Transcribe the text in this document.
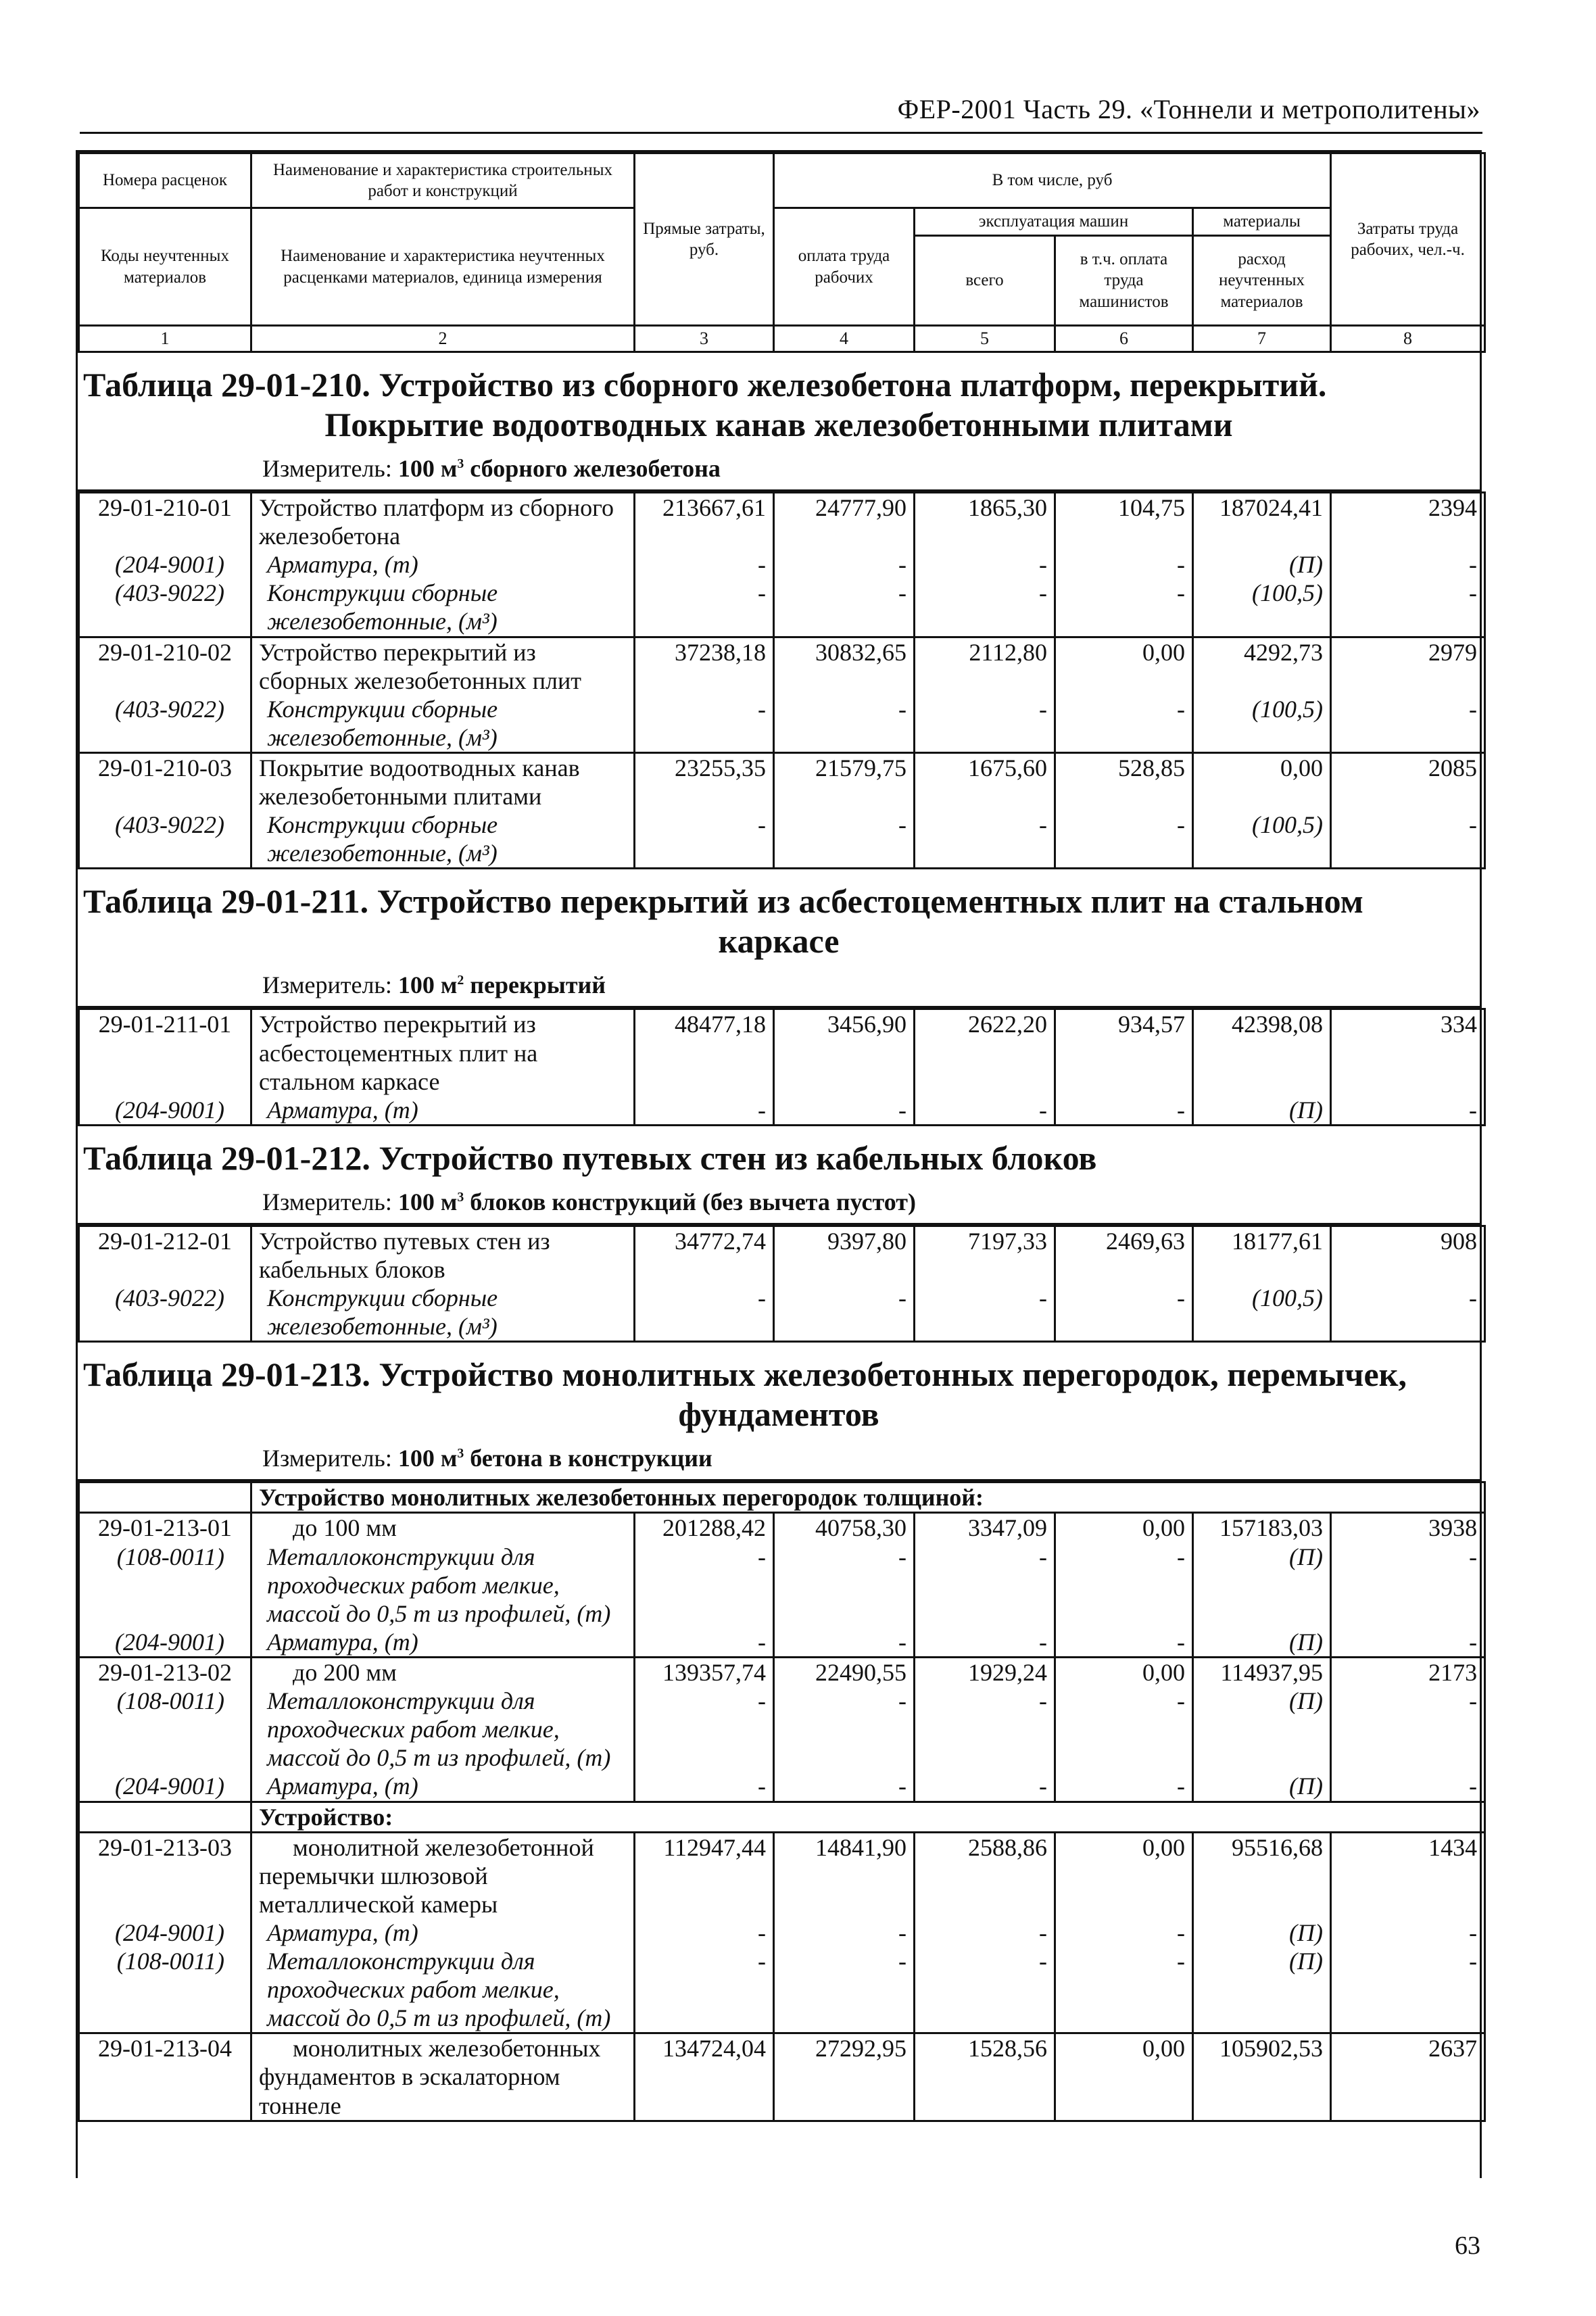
ФЕР-2001 Часть 29. «Тоннели и метрополитены»
Номера расценок	Наименование и характеристика строительных работ и конструкций	Прямые затраты, руб.	В том числе, руб				Затраты труда рабочих, чел.-ч.
Коды неучтенных материалов	Наименование и характеристика неучтенных расценками материалов, единица измерения		оплата труда рабочих	эксплуатация машин		материалы	
				всего	в т.ч. оплата труда машинистов	расход неучтенных материалов	
1	2	3	4	5	6	7	8
Таблица 29-01-210. Устройство из сборного железобетона платформ, перекрытий.
Покрытие водоотводных канав железобетонными плитами
Измеритель: 100 $м^3$ сборного железобетона
29-01-210-01	Устройство платформ из сборного	213667,61	24777,90	1865,30	104,75	187024,41	2394
	железобетона						
(204-9001)	Арматура, (т)	-	-	-	-	(П)	-
(403-9022)	Конструкции сборные	-	-	-	-	(100,5)	-
	железобетонные, (м³)						
29-01-210-02	Устройство перекрытий из	37238,18	30832,65	2112,80	0,00	4292,73	2979
	сборных железобетонных плит						
(403-9022)	Конструкции сборные	-	-	-	-	(100,5)	-
	железобетонные, (м³)						
29-01-210-03	Покрытие водоотводных канав	23255,35	21579,75	1675,60	528,85	0,00	2085
	железобетонными плитами						
(403-9022)	Конструкции сборные	-	-	-	-	(100,5)	-
	железобетонные, (м³)						
Таблица 29-01-211. Устройство перекрытий из асбестоцементных плит на стальном
каркасе
Измеритель: 100 $м^2$ перекрытий
29-01-211-01	Устройство перекрытий из	48477,18	3456,90	2622,20	934,57	42398,08	334
	асбестоцементных плит на						
	стальном каркасе						
(204-9001)	Арматура, (т)	-	-	-	-	(П)	-
Таблица 29-01-212. Устройство путевых стен из кабельных блоков
Измеритель: 100 $м^3$ блоков конструкций (без вычета пустот)
29-01-212-01	Устройство путевых стен из	34772,74	9397,80	7197,33	2469,63	18177,61	908
	кабельных блоков						
(403-9022)	Конструкции сборные	-	-	-	-	(100,5)	-
	железобетонные, (м³)						
Таблица 29-01-213. Устройство монолитных железобетонных перегородок, перемычек,
фундаментов
Измеритель: 100 $м^3$ бетона в конструкции
	Устройство монолитных железобетонных перегородок толщиной:						
29-01-213-01	до 100 мм	201288,42	40758,30	3347,09	0,00	157183,03	3938
(108-0011)	Металлоконструкции для	-	-	-	-	(П)	-
	проходческих работ мелкие,						
	массой до 0,5 т из профилей, (т)						
(204-9001)	Арматура, (т)	-	-	-	-	(П)	-
29-01-213-02	до 200 мм	139357,74	22490,55	1929,24	0,00	114937,95	2173
(108-0011)	Металлоконструкции для	-	-	-	-	(П)	-
	проходческих работ мелкие,						
	массой до 0,5 т из профилей, (т)						
(204-9001)	Арматура, (т)	-	-	-	-	(П)	-
	Устройство:						
29-01-213-03	монолитной железобетонной	112947,44	14841,90	2588,86	0,00	95516,68	1434
	перемычки шлюзовой						
	металлической камеры						
(204-9001)	Арматура, (т)	-	-	-	-	(П)	-
(108-0011)	Металлоконструкции для	-	-	-	-	(П)	-
	проходческих работ мелкие,						
	массой до 0,5 т из профилей, (т)						
29-01-213-04	монолитных железобетонных	134724,04	27292,95	1528,56	0,00	105902,53	2637
	фундаментов в эскалаторном						
	тоннеле						
63
